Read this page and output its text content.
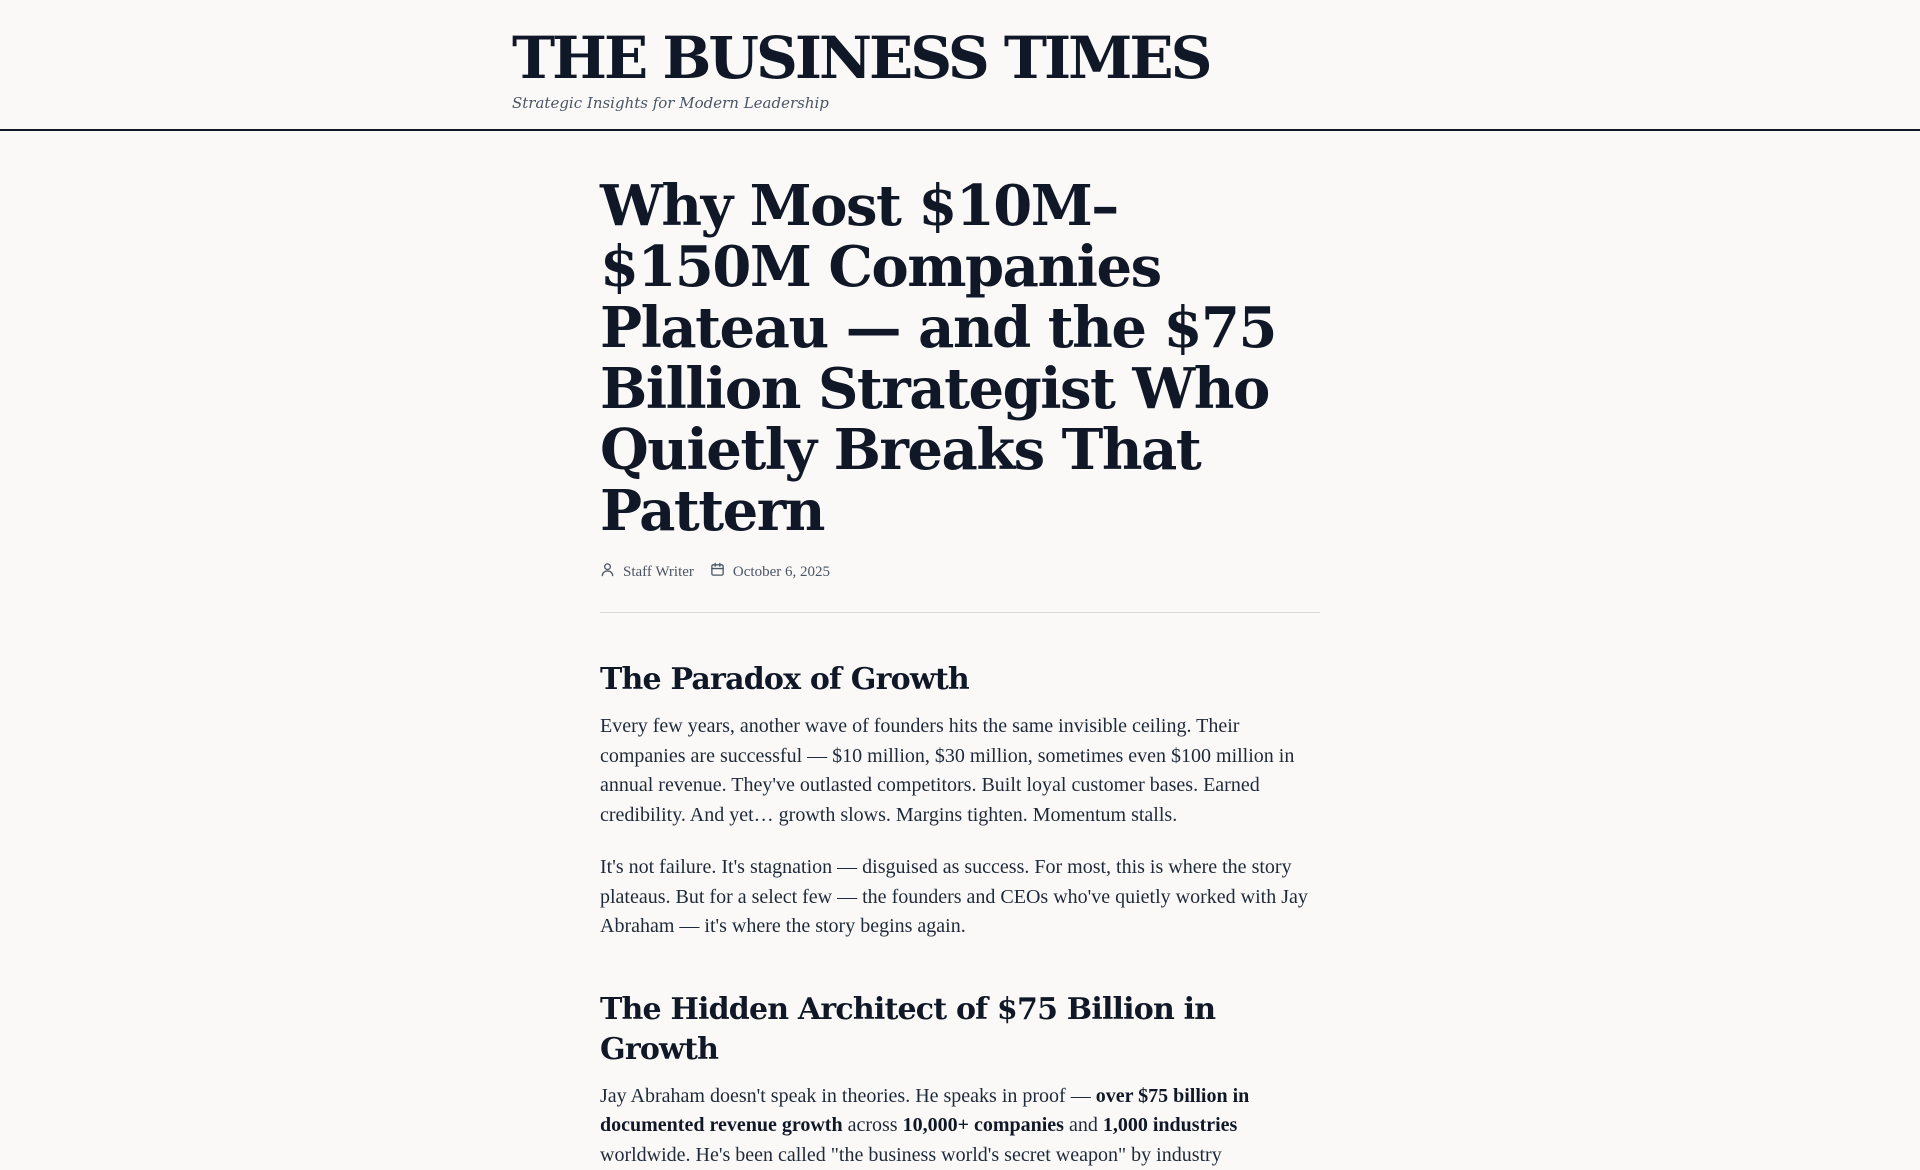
THE BUSINESS TIMES
Strategic Insights for Modern Leadership
Why Most $10M–$150M Companies Plateau — and the $75 Billion Strategist Who Quietly Breaks That Pattern
Staff Writer	October 6, 2025
The Paradox of Growth

Every few years, another wave of founders hits the same invisible ceiling. Their companies are successful — $10 million, $30 million, sometimes even $100 million in annual revenue. They've outlasted competitors. Built loyal customer bases. Earned credibility. And yet… growth slows. Margins tighten. Momentum stalls.

It's not failure. It's stagnation — disguised as success. For most, this is where the story plateaus. But for a select few — the founders and CEOs who've quietly worked with Jay Abraham — it's where the story begins again.

The Hidden Architect of $75 Billion in Growth

Jay Abraham doesn't speak in theories. He speaks in proof — over $75 billion in documented revenue growth across 10,000+ companies and 1,000 industries worldwide. He's been called "the business world's secret weapon" by industry
